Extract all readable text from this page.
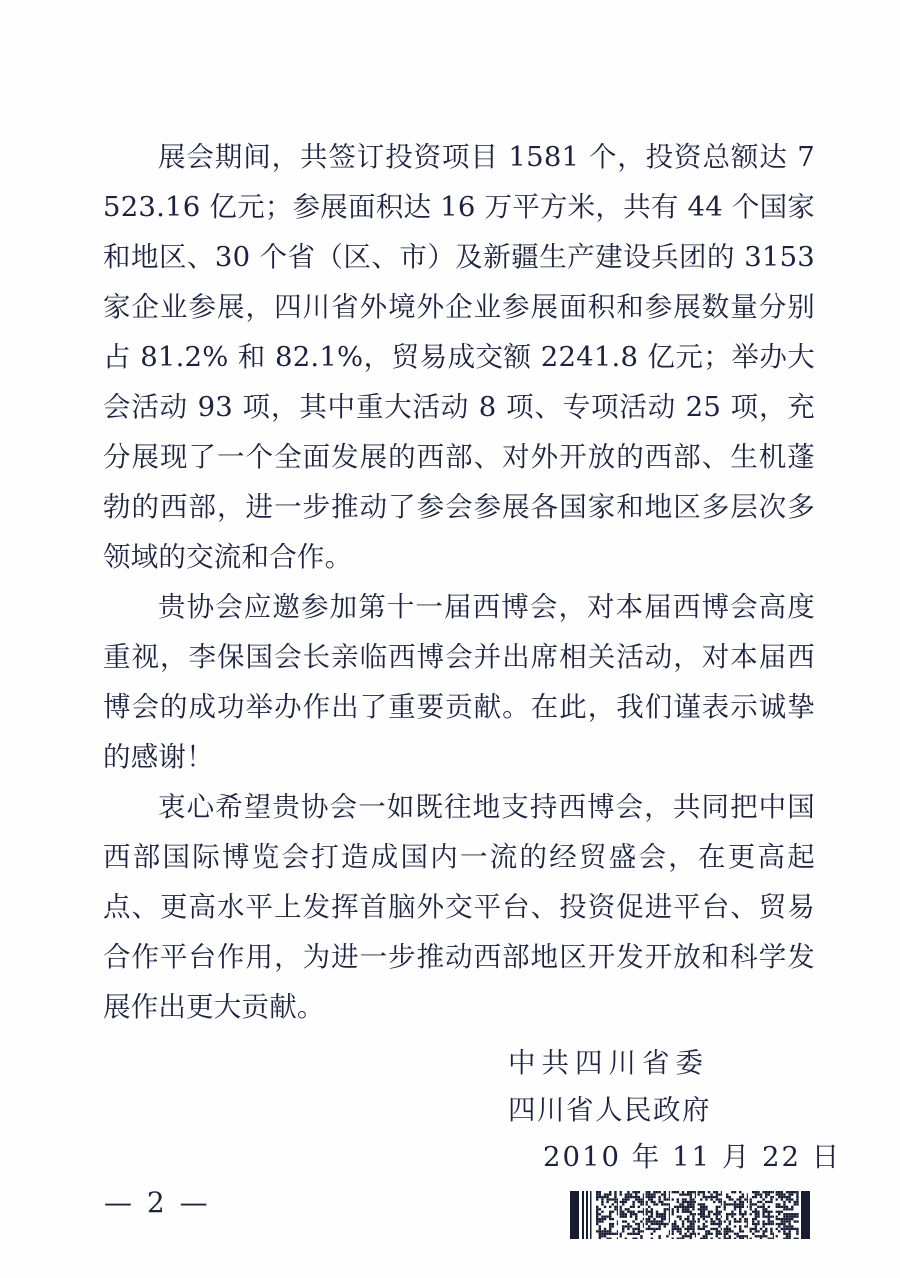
展会期间，共签订投资项目 1581 个，投资总额达 7523.16 亿元；参展面积达 16 万平方米，共有 44 个国家和地区、30 个省（区、市）及新疆生产建设兵团的 3153 家企业参展，四川省外境外企业参展面积和参展数量分别占 81.2% 和 82.1%，贸易成交额 2241.8 亿元；举办大会活动 93 项，其中重大活动 8 项、专项活动 25 项，充分展现了一个全面发展的西部、对外开放的西部、生机蓬勃的西部，进一步推动了参会参展各国家和地区多层次多领域的交流和合作。

贵协会应邀参加第十一届西博会，对本届西博会高度重视，李保国会长亲临西博会并出席相关活动，对本届西博会的成功举办作出了重要贡献。在此，我们谨表示诚挚的感谢！

衷心希望贵协会一如既往地支持西博会，共同把中国西部国际博览会打造成国内一流的经贸盛会，在更高起点、更高水平上发挥首脑外交平台、投资促进平台、贸易合作平台作用，为进一步推动西部地区开发开放和科学发展作出更大贡献。

中共四川省委
四川省人民政府
2010 年 11 月 22 日
— 2 —
